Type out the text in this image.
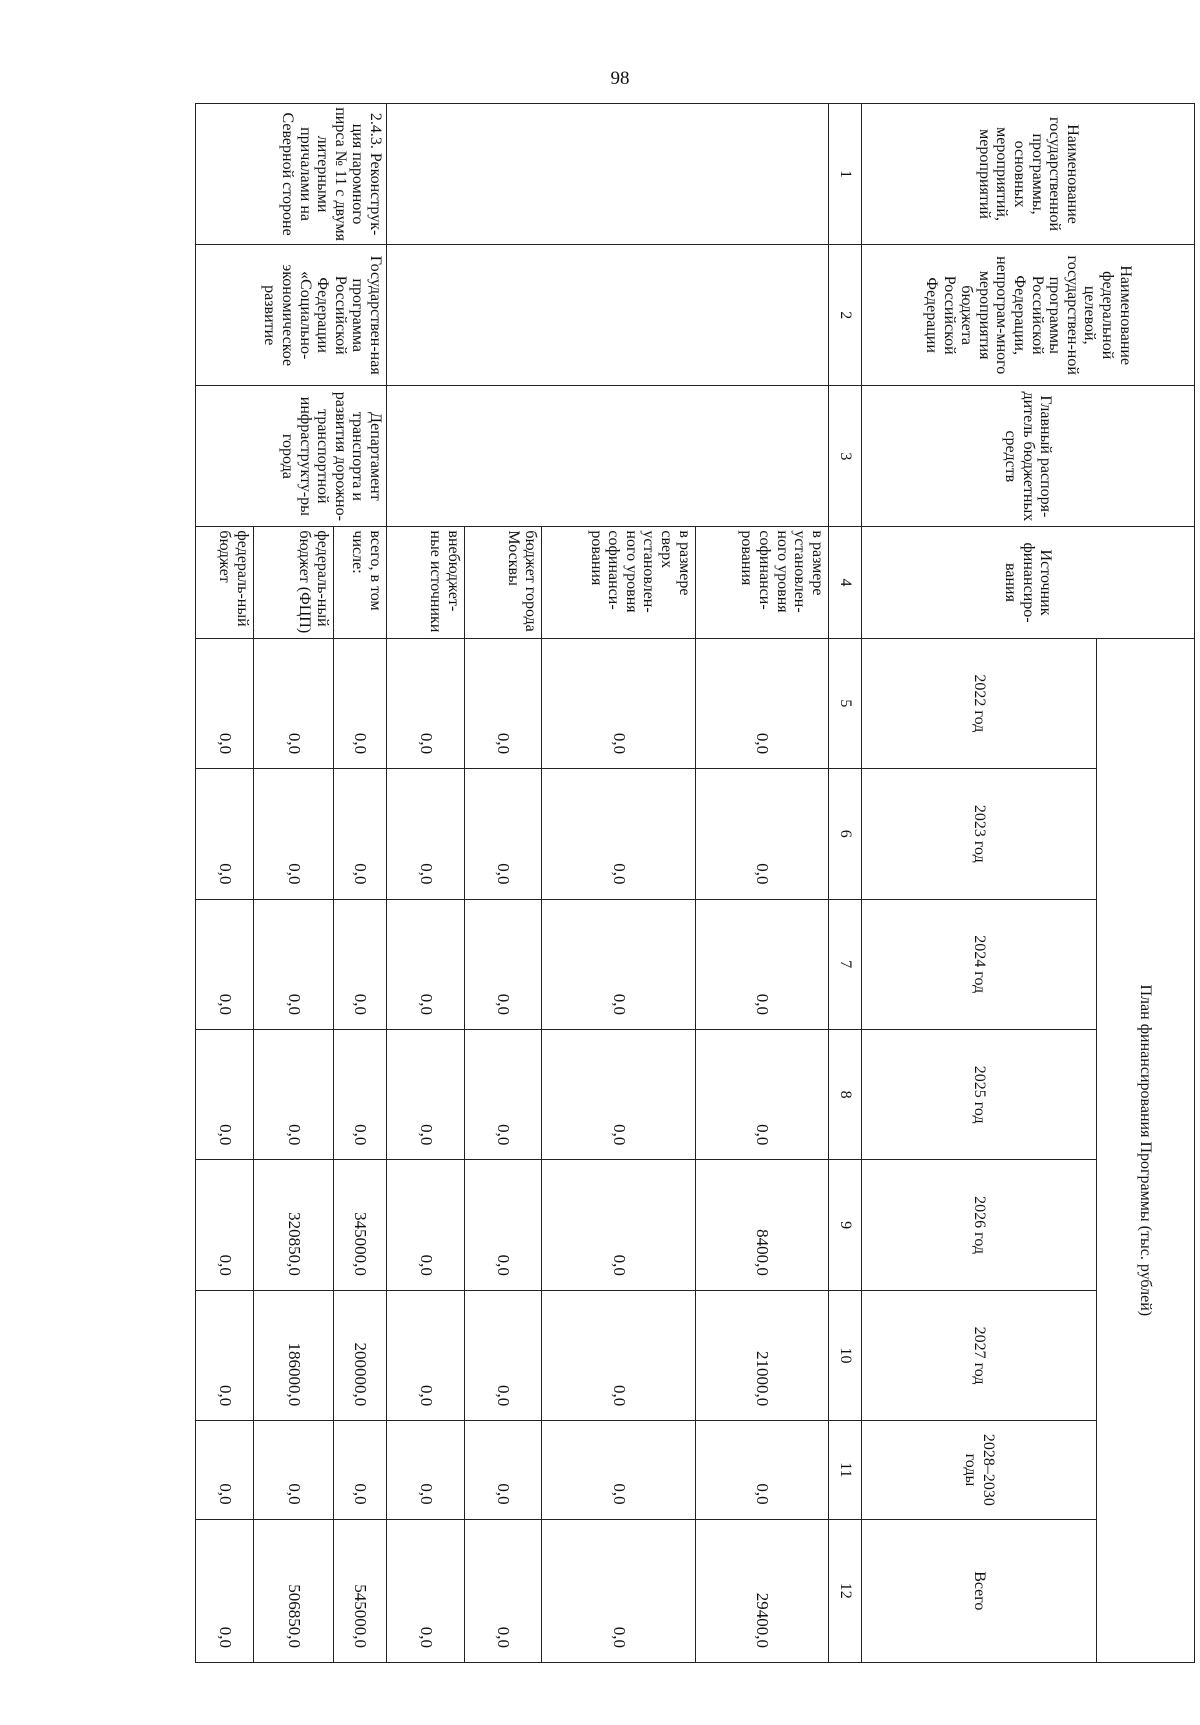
98
Наименование государственной программы, основных мероприятий, мероприятий	Наименование федеральной целевой, государствен-ной программы Российской Федерации, непрограм-много мероприятия бюджета Российской Федерации	Главный распоря-дитель бюджетных средств	Источник финансиро-вания	План финансирования Программы (тыс. рублей)							
				2022 год	2023 год	2024 год	2025 год	2026 год	2027 год	2028–2030 годы	Всего
1	2	3	4	5	6	7	8	9	10	11	12
			в размере установлен-ного уровня софинанси-рования	0,0	0,0	0,0	0,0	8400,0	21000,0	0,0	29400,0
			в размере сверх установлен-ного уровня софинанси-рования	0,0	0,0	0,0	0,0	0,0	0,0	0,0	0,0
			бюджет города Москвы	0,0	0,0	0,0	0,0	0,0	0,0	0,0	0,0
			внебюджет-ные источники	0,0	0,0	0,0	0,0	0,0	0,0	0,0	0,0
2.4.3. Реконструк-ция паромного пирса № 11 с двумя литерными причалами на Северной стороне	Государствен-ная программа Российской Федерации «Социально-экономическое развитие	Департамент транспорта и развития дорожно-транспортной инфраструкту-ры города	всего, в том числе:	0,0	0,0	0,0	0,0	345000,0	200000,0	0,0	545000,0
			федераль-ный бюджет (ФЦП)	0,0	0,0	0,0	0,0	320850,0	186000,0	0,0	506850,0
			федераль-ный бюджет	0,0	0,0	0,0	0,0	0,0	0,0	0,0	0,0
